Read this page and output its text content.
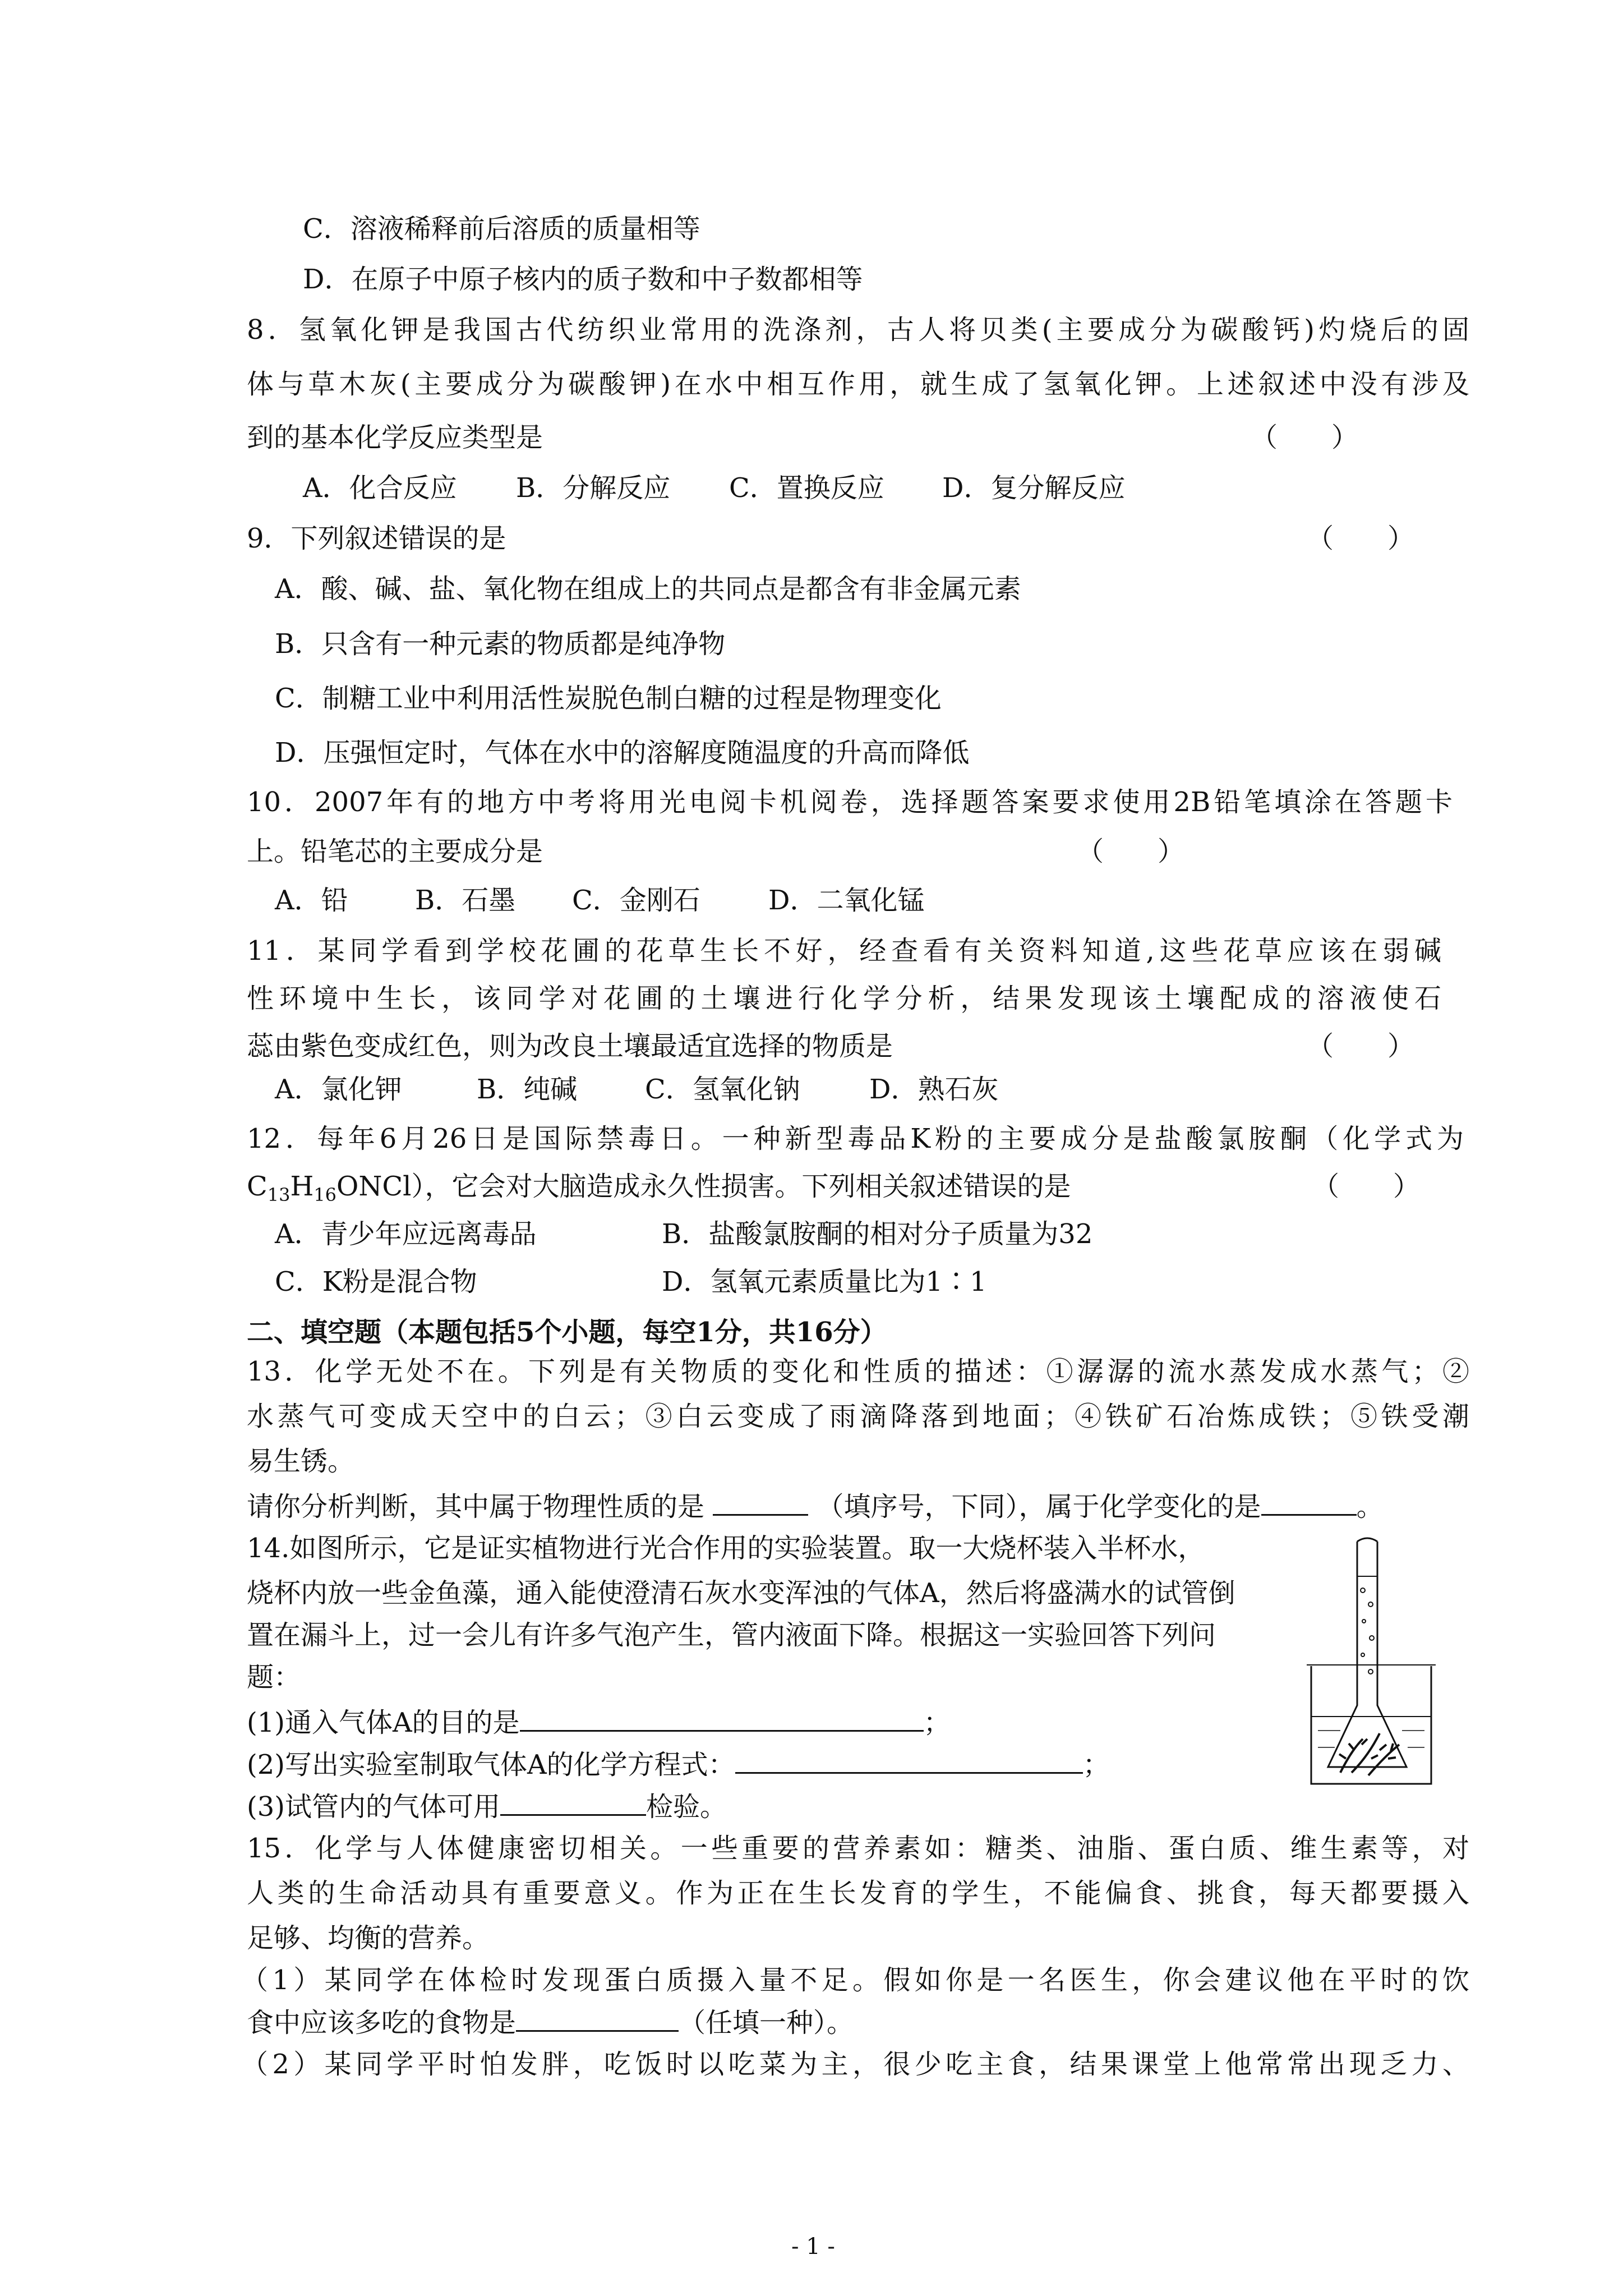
C．溶液稀释前后溶质的质量相等
D．在原子中原子核内的质子数和中子数都相等
8．氢氧化钾是我国古代纺织业常用的洗涤剂，古人将贝类(主要成分为碳酸钙)灼烧后的固
体与草木灰(主要成分为碳酸钾)在水中相互作用，就生成了氢氧化钾。上述叙述中没有涉及
到的基本化学反应类型是	（　　）
A．化合反应 B．分解反应 C．置换反应 D．复分解反应
9．下列叙述错误的是	（　　）
A．酸、碱、盐、氧化物在组成上的共同点是都含有非金属元素
B．只含有一种元素的物质都是纯净物
C．制糖工业中利用活性炭脱色制白糖的过程是物理变化
D．压强恒定时，气体在水中的溶解度随温度的升高而降低
10．2007年有的地方中考将用光电阅卡机阅卷，选择题答案要求使用2B铅笔填涂在答题卡
上。铅笔芯的主要成分是	（　　）
A．铅 B．石墨 C．金刚石	D．二氧化锰
11．某同学看到学校花圃的花草生长不好，经查看有关资料知道,这些花草应该在弱碱
性环境中生长，该同学对花圃的土壤进行化学分析，结果发现该土壤配成的溶液使石
蕊由紫色变成红色，则为改良土壤最适宜选择的物质是	（　　）
A．氯化钾	B．纯碱	C．氢氧化钠	D．熟石灰
12．每年6月26日是国际禁毒日。一种新型毒品K粉的主要成分是盐酸氯胺酮（化学式为
$C_{13}H_{16}ONCl$），它会对大脑造成永久性损害。下列相关叙述错误的是	（　　）
A．青少年应远离毒品	B．盐酸氯胺酮的相对分子质量为32
C．K粉是混合物	D．氢氧元素质量比为1∶1
二、填空题（本题包括5个小题，每空1分，共16分）
13．化学无处不在。下列是有关物质的变化和性质的描述：①潺潺的流水蒸发成水蒸气；②
水蒸气可变成天空中的白云；③白云变成了雨滴降落到地面；④铁矿石冶炼成铁；⑤铁受潮
易生锈。
请你分析判断，其中属于物理性质的是	（填序号，下同），属于化学变化的是	。
14.如图所示，它是证实植物进行光合作用的实验装置。取一大烧杯装入半杯水，
烧杯内放一些金鱼藻，通入能使澄清石灰水变浑浊的气体A，然后将盛满水的试管倒
置在漏斗上，过一会儿有许多气泡产生，管内液面下降。根据这一实验回答下列问
题：
(1)通入气体A的目的是	；
(2)写出实验室制取气体A的化学方程式：	；
(3)试管内的气体可用	检验。
15．化学与人体健康密切相关。一些重要的营养素如：糖类、油脂、蛋白质、维生素等，对
人类的生命活动具有重要意义。作为正在生长发育的学生，不能偏食、挑食，每天都要摄入
足够、均衡的营养。
（1）某同学在体检时发现蛋白质摄入量不足。假如你是一名医生，你会建议他在平时的饮
食中应该多吃的食物是	（任填一种）。
（2）某同学平时怕发胖，吃饭时以吃菜为主，很少吃主食，结果课堂上他常常出现乏力、
- 1 -
